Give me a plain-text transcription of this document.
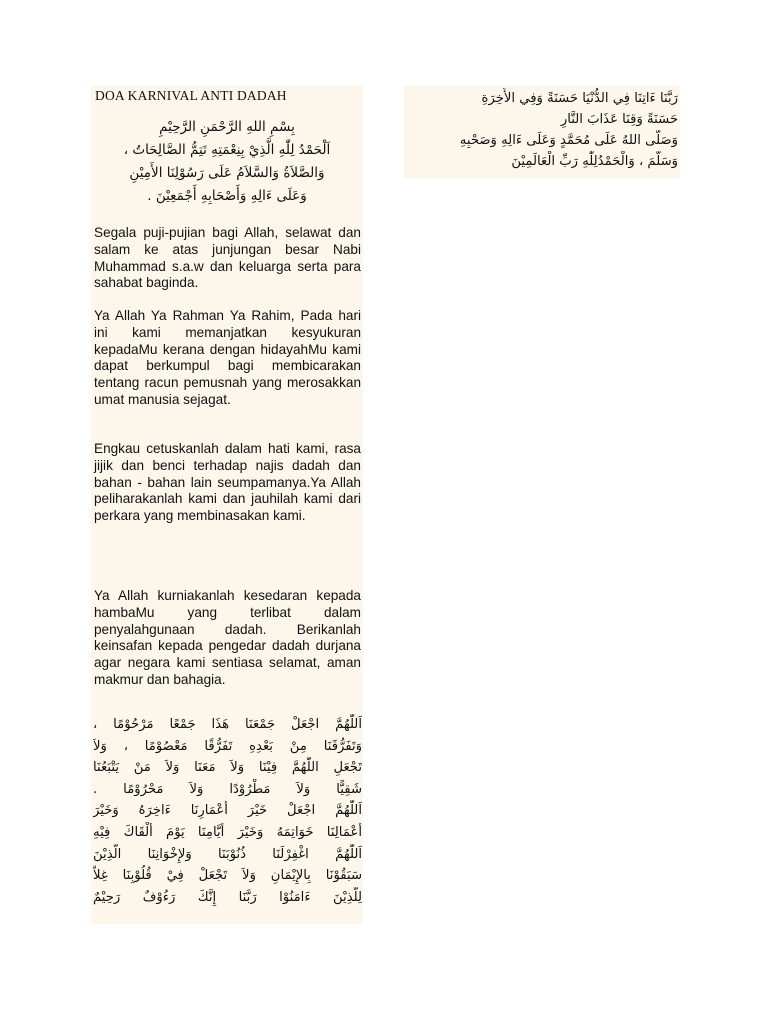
DOA KARNIVAL ANTI DADAH
بِسْمِ اللهِ الرَّحْمَنِ الرَّحِيْمِ
اَلْحَمْدُ لِلّٰهِ الَّذِيْ بِنِعْمَتِهِ تَتِمُّ الصَّالِحَاتُ ،
وَالصَّلاَةُ وَالسَّلاَمُ عَلَى رَسُوْلِنَا الأَمِيْنِ
وَعَلَى ءَالِهِ وَأَصْحَابِهِ أَجْمَعِيْنَ .

Segala puji-pujian bagi Allah, selawat dan salam ke atas junjungan besar Nabi Muhammad s.a.w dan keluarga serta para sahabat baginda.

Ya Allah Ya Rahman Ya Rahim, Pada hari ini kami memanjatkan kesyukuran kepadaMu kerana dengan hidayahMu kami dapat berkumpul bagi membicarakan tentang racun pemusnah yang merosakkan umat manusia sejagat.

Engkau cetuskanlah dalam hati kami, rasa jijik dan benci terhadap najis dadah dan bahan - bahan lain seumpamanya.Ya Allah peliharakanlah kami dan jauhilah kami dari perkara yang membinasakan kami.

Ya Allah kurniakanlah kesedaran kepada hambaMu yang terlibat dalam penyalahgunaan dadah. Berikanlah keinsafan kepada pengedar dadah durjana agar negara kami sentiasa selamat, aman makmur dan bahagia.

اَللّٰهُمَّ اجْعَلْ جَمْعَنَا هَذَا جَمْعًا مَرْحُوْمًا ،
وَتَفَرُّقَنَا مِنْ بَعْدِهِ تَفَرُّقًا مَعْصُوْمًا ، وَلاَ
تَجْعَلِ اللّٰهُمَّ فِيْنَا وَلاَ مَعَنَا وَلاَ مَنْ يَتْبَعُنَا
شَقِيًّا وَلاَ مَطْرُوْدًا وَلاَ مَحْرُوْمًا .
اَللّٰهُمَّ اجْعَلْ خَيْرَ أَعْمَارِنَا ءَاخِرَهُ وَخَيْرَ
أَعْمَالِنَا خَوَاتِمَهُ وَخَيْرَ أَيَّامِنَا يَوْمَ أَلْقَاكَ فِيْهِ
اَللّٰهُمَّ اغْفِرْلَنَا ذُنُوْبَنَا وَلإِخْوَانِنَا الَّذِيْنَ
سَبَقُوْنَا بِالإِيْمَانِ وَلاَ تَجْعَلْ فِيْ قُلُوْبِنَا غِلاًّ
لِلَّذِيْنَ ءَامَنُوْا رَبَّنَا إِنَّكَ رَءُوْفٌ رَحِيْمٌ
رَبَّنَا ءَاتِنَا فِي الدُّنْيَا حَسَنَةً وَفِي الأَخِرَةِ
حَسَنَةً وَقِنَا عَذَابَ النَّارِ
وَصَلَّى اللهُ عَلَى مُحَمَّدٍ وَعَلَى ءَالِهِ وَصَحْبِهِ
وَسَلَّمَ ، وَالْحَمْدُلِلّٰهِ رَبِّ الْعَالَمِيْنَ
